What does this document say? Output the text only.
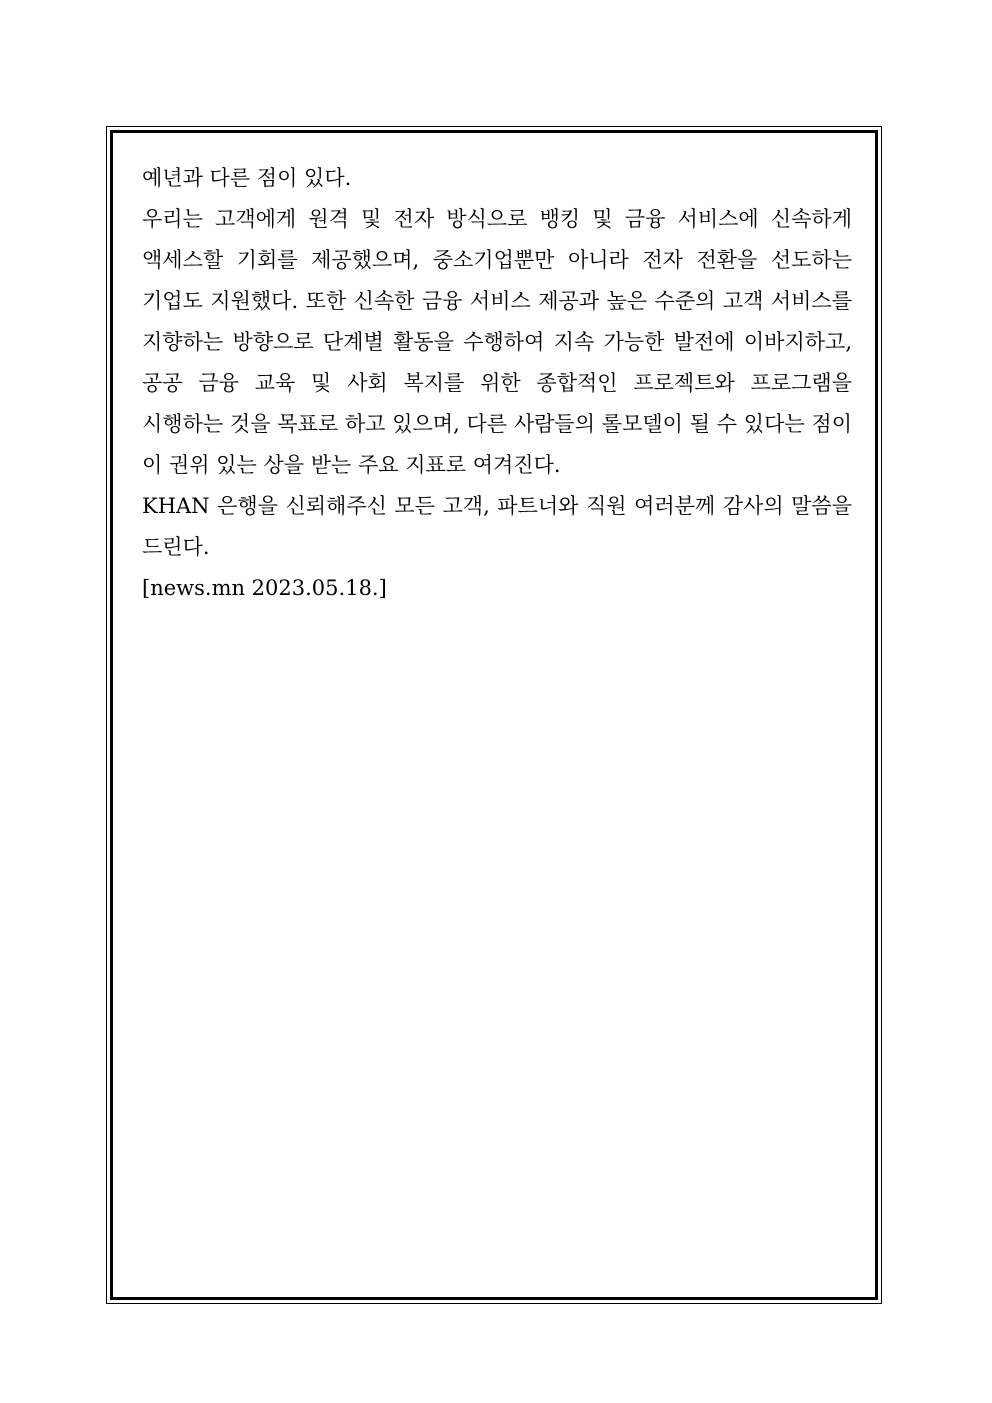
예년과 다른 점이 있다.

우리는 고객에게 원격 및 전자 방식으로 뱅킹 및 금융 서비스에 신속하게 액세스할 기회를 제공했으며, 중소기업뿐만 아니라 전자 전환을 선도하는 기업도 지원했다. 또한 신속한 금융 서비스 제공과 높은 수준의 고객 서비스를 지향하는 방향으로 단계별 활동을 수행하여 지속 가능한 발전에 이바지하고, 공공 금융 교육 및 사회 복지를 위한 종합적인 프로젝트와 프로그램을 시행하는 것을 목표로 하고 있으며, 다른 사람들의 롤모델이 될 수 있다는 점이 이 권위 있는 상을 받는 주요 지표로 여겨진다.

KHAN 은행을 신뢰해주신 모든 고객, 파트너와 직원 여러분께 감사의 말씀을 드린다.

[news.mn 2023.05.18.]
